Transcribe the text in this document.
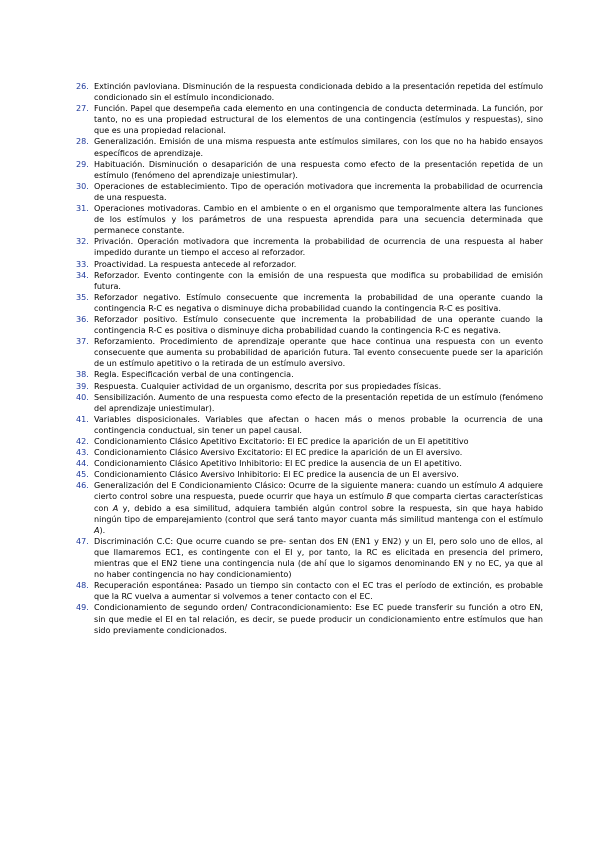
26. Extinción pavloviana. Disminución de la respuesta condicionada debido a la presentación repetida del estímulo condicionado sin el estímulo incondicionado.
27. Función. Papel que desempeña cada elemento en una contingencia de conducta determinada. La función, por tanto, no es una propiedad estructural de los elementos de una contingencia (estímulos y respuestas), sino que es una propiedad relacional.
28. Generalización. Emisión de una misma respuesta ante estímulos similares, con los que no ha habido ensayos específicos de aprendizaje.
29. Habituación. Disminución o desaparición de una respuesta como efecto de la presentación repetida de un estímulo (fenómeno del aprendizaje uniestimular).
30. Operaciones de establecimiento. Tipo de operación motivadora que incrementa la probabilidad de ocurrencia de una respuesta.
31. Operaciones motivadoras. Cambio en el ambiente o en el organismo que temporalmente altera las funciones de los estímulos y los parámetros de una respuesta aprendida para una secuencia determinada que permanece constante.
32. Privación. Operación motivadora que incrementa la probabilidad de ocurrencia de una respuesta al haber impedido durante un tiempo el acceso al reforzador.
33. Proactividad. La respuesta antecede al reforzador.
34. Reforzador. Evento contingente con la emisión de una respuesta que modifica su probabilidad de emisión futura.
35. Reforzador negativo. Estímulo consecuente que incrementa la probabilidad de una operante cuando la contingencia R-C es negativa o disminuye dicha probabilidad cuando la contingencia R-C es positiva.
36. Reforzador positivo. Estímulo consecuente que incrementa la probabilidad de una operante cuando la contingencia R-C es positiva o disminuye dicha probabilidad cuando la contingencia R-C es negativa.
37. Reforzamiento. Procedimiento de aprendizaje operante que hace continua una respuesta con un evento consecuente que aumenta su probabilidad de aparición futura. Tal evento consecuente puede ser la aparición de un estímulo apetitivo o la retirada de un estímulo aversivo.
38. Regla. Especificación verbal de una contingencia.
39. Respuesta. Cualquier actividad de un organismo, descrita por sus propiedades físicas.
40. Sensibilización. Aumento de una respuesta como efecto de la presentación repetida de un estímulo (fenómeno del aprendizaje uniestimular).
41. Variables disposicionales. Variables que afectan o hacen más o menos probable la ocurrencia de una contingencia conductual, sin tener un papel causal.
42. Condicionamiento Clásico Apetitivo Excitatorio: El EC predice la aparición de un El apetititivo
43. Condicionamiento Clásico Aversivo Excitatorio: El EC predice la aparición de un El aversivo.
44. Condicionamiento Clásico Apetitivo Inhibitorio: El EC predice la ausencia de un El apetitivo.
45. Condicionamiento Clásico Aversivo Inhibitorio: El EC predice la ausencia de un El aversivo.
46. Generalización del E Condicionamiento Clásico: Ocurre de la siguiente manera: cuando un estímulo A adquiere cierto control sobre una respuesta, puede ocurrir que haya un estímulo B que comparta ciertas características con A y, debido a esa similitud, adquiera también algún control sobre la respuesta, sin que haya habido ningún tipo de emparejamiento (control que será tanto mayor cuanta más similitud mantenga con el estímulo A).
47. Discriminación C.C: Que ocurre cuando se pre- sentan dos EN (EN1 y EN2) y un EI, pero solo uno de ellos, al que llamaremos EC1, es contingente con el EI y, por tanto, la RC es elicitada en presencia del primero, mientras que el EN2 tiene una contingencia nula (de ahí que lo sigamos denominando EN y no EC, ya que al no haber contingencia no hay condicionamiento)
48. Recuperación espontánea: Pasado un tiempo sin contacto con el EC tras el período de extinción, es probable que la RC vuelva a aumentar si volvemos a tener contacto con el EC.
49. Condicionamiento de segundo orden/ Contracondicionamiento: Ese EC puede transferir su función a otro EN, sin que medie el EI en tal relación, es decir, se puede producir un condicionamiento entre estímulos que han sido previamente condicionados.
